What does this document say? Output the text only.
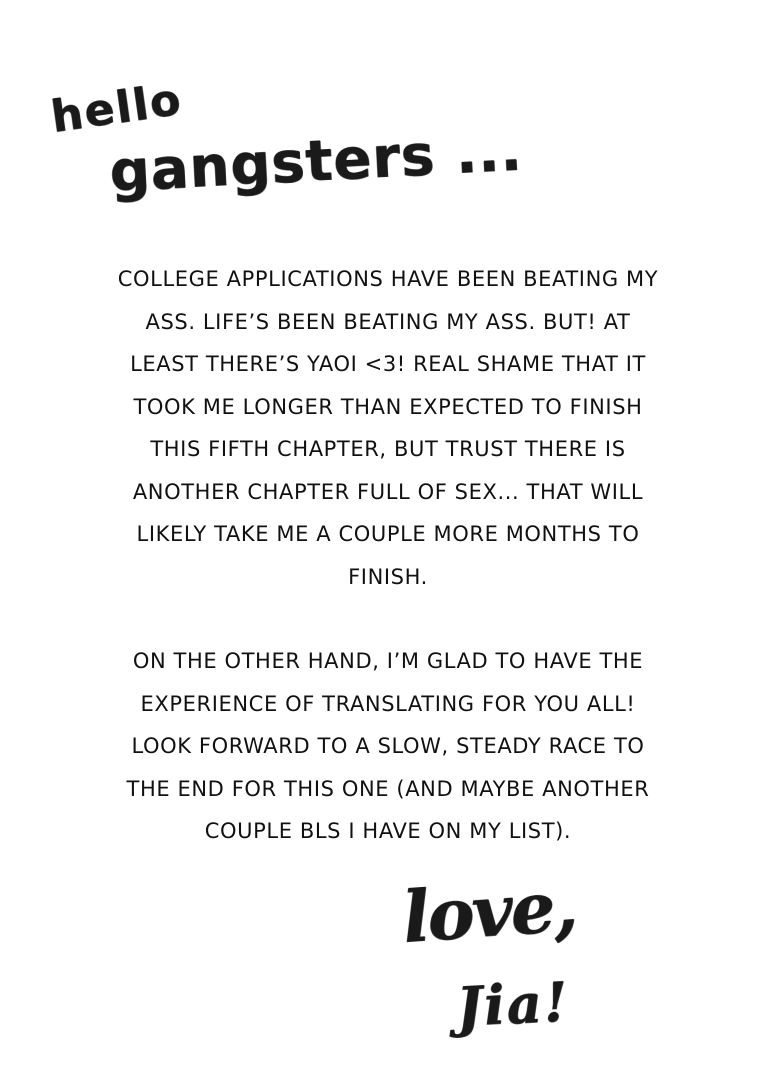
hello
gangsters ...
COLLEGE APPLICATIONS HAVE BEEN BEATING MY
ASS. LIFE’S BEEN BEATING MY ASS. BUT! AT
LEAST THERE’S YAOI <3! REAL SHAME THAT IT
TOOK ME LONGER THAN EXPECTED TO FINISH
THIS FIFTH CHAPTER, BUT TRUST THERE IS
ANOTHER CHAPTER FULL OF SEX... THAT WILL
LIKELY TAKE ME A COUPLE MORE MONTHS TO
FINISH.
ON THE OTHER HAND, I’M GLAD TO HAVE THE
EXPERIENCE OF TRANSLATING FOR YOU ALL!
LOOK FORWARD TO A SLOW, STEADY RACE TO
THE END FOR THIS ONE (AND MAYBE ANOTHER
COUPLE BLS I HAVE ON MY LIST).
love,
Jia!
